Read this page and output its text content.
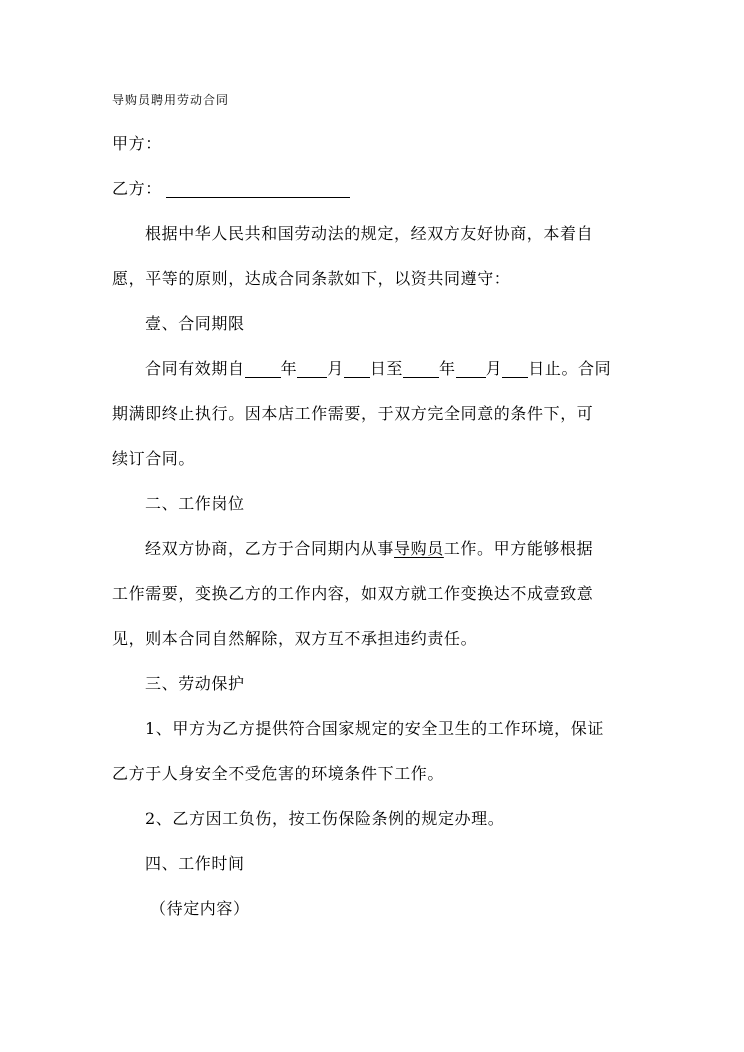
导购员聘用劳动合同
甲方：
乙方：
根据中华人民共和国劳动法的规定，经双方友好协商，本着自
愿，平等的原则，达成合同条款如下，以资共同遵守：
壹、合同期限
合同有效期自 年 月 日至 年 月 日止。合同
期满即终止执行。因本店工作需要，于双方完全同意的条件下，可
续订合同。
二、工作岗位
经双方协商，乙方于合同期内从事导购员工作。甲方能够根据
工作需要，变换乙方的工作内容，如双方就工作变换达不成壹致意
见，则本合同自然解除，双方互不承担违约责任。
三、劳动保护
1、甲方为乙方提供符合国家规定的安全卫生的工作环境，保证
乙方于人身安全不受危害的环境条件下工作。
2、乙方因工负伤，按工伤保险条例的规定办理。
四、工作时间
（待定内容）
